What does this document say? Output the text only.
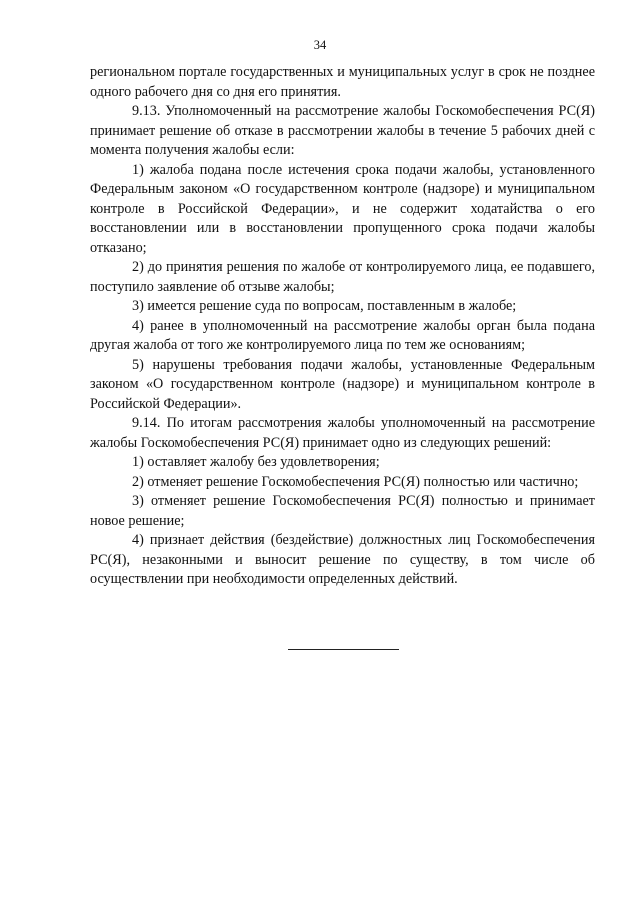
34

региональном портале государственных и муниципальных услуг в срок не позднее одного рабочего дня со дня его принятия.

9.13. Уполномоченный на рассмотрение жалобы Госкомобеспечения РС(Я) принимает решение об отказе в рассмотрении жалобы в течение 5 рабочих дней с момента получения жалобы если:

1) жалоба подана после истечения срока подачи жалобы, установленного Федеральным законом «О государственном контроле (надзоре) и муниципальном контроле в Российской Федерации», и не содержит ходатайства о его восстановлении или в восстановлении пропущенного срока подачи жалобы отказано;

2) до принятия решения по жалобе от контролируемого лица, ее подавшего, поступило заявление об отзыве жалобы;

3) имеется решение суда по вопросам, поставленным в жалобе;

4) ранее в уполномоченный на рассмотрение жалобы орган была подана другая жалоба от того же контролируемого лица по тем же основаниям;

5) нарушены требования подачи жалобы, установленные Федеральным законом «О государственном контроле (надзоре) и муниципальном контроле в Российской Федерации».

9.14. По итогам рассмотрения жалобы уполномоченный на рассмотрение жалобы Госкомобеспечения РС(Я) принимает одно из следующих решений:

1) оставляет жалобу без удовлетворения;

2) отменяет решение Госкомобеспечения РС(Я) полностью или частично;

3) отменяет решение Госкомобеспечения РС(Я) полностью и принимает новое решение;

4) признает действия (бездействие) должностных лиц Госкомобеспечения РС(Я), незаконными и выносит решение по существу, в том числе об осуществлении при необходимости определенных действий.
